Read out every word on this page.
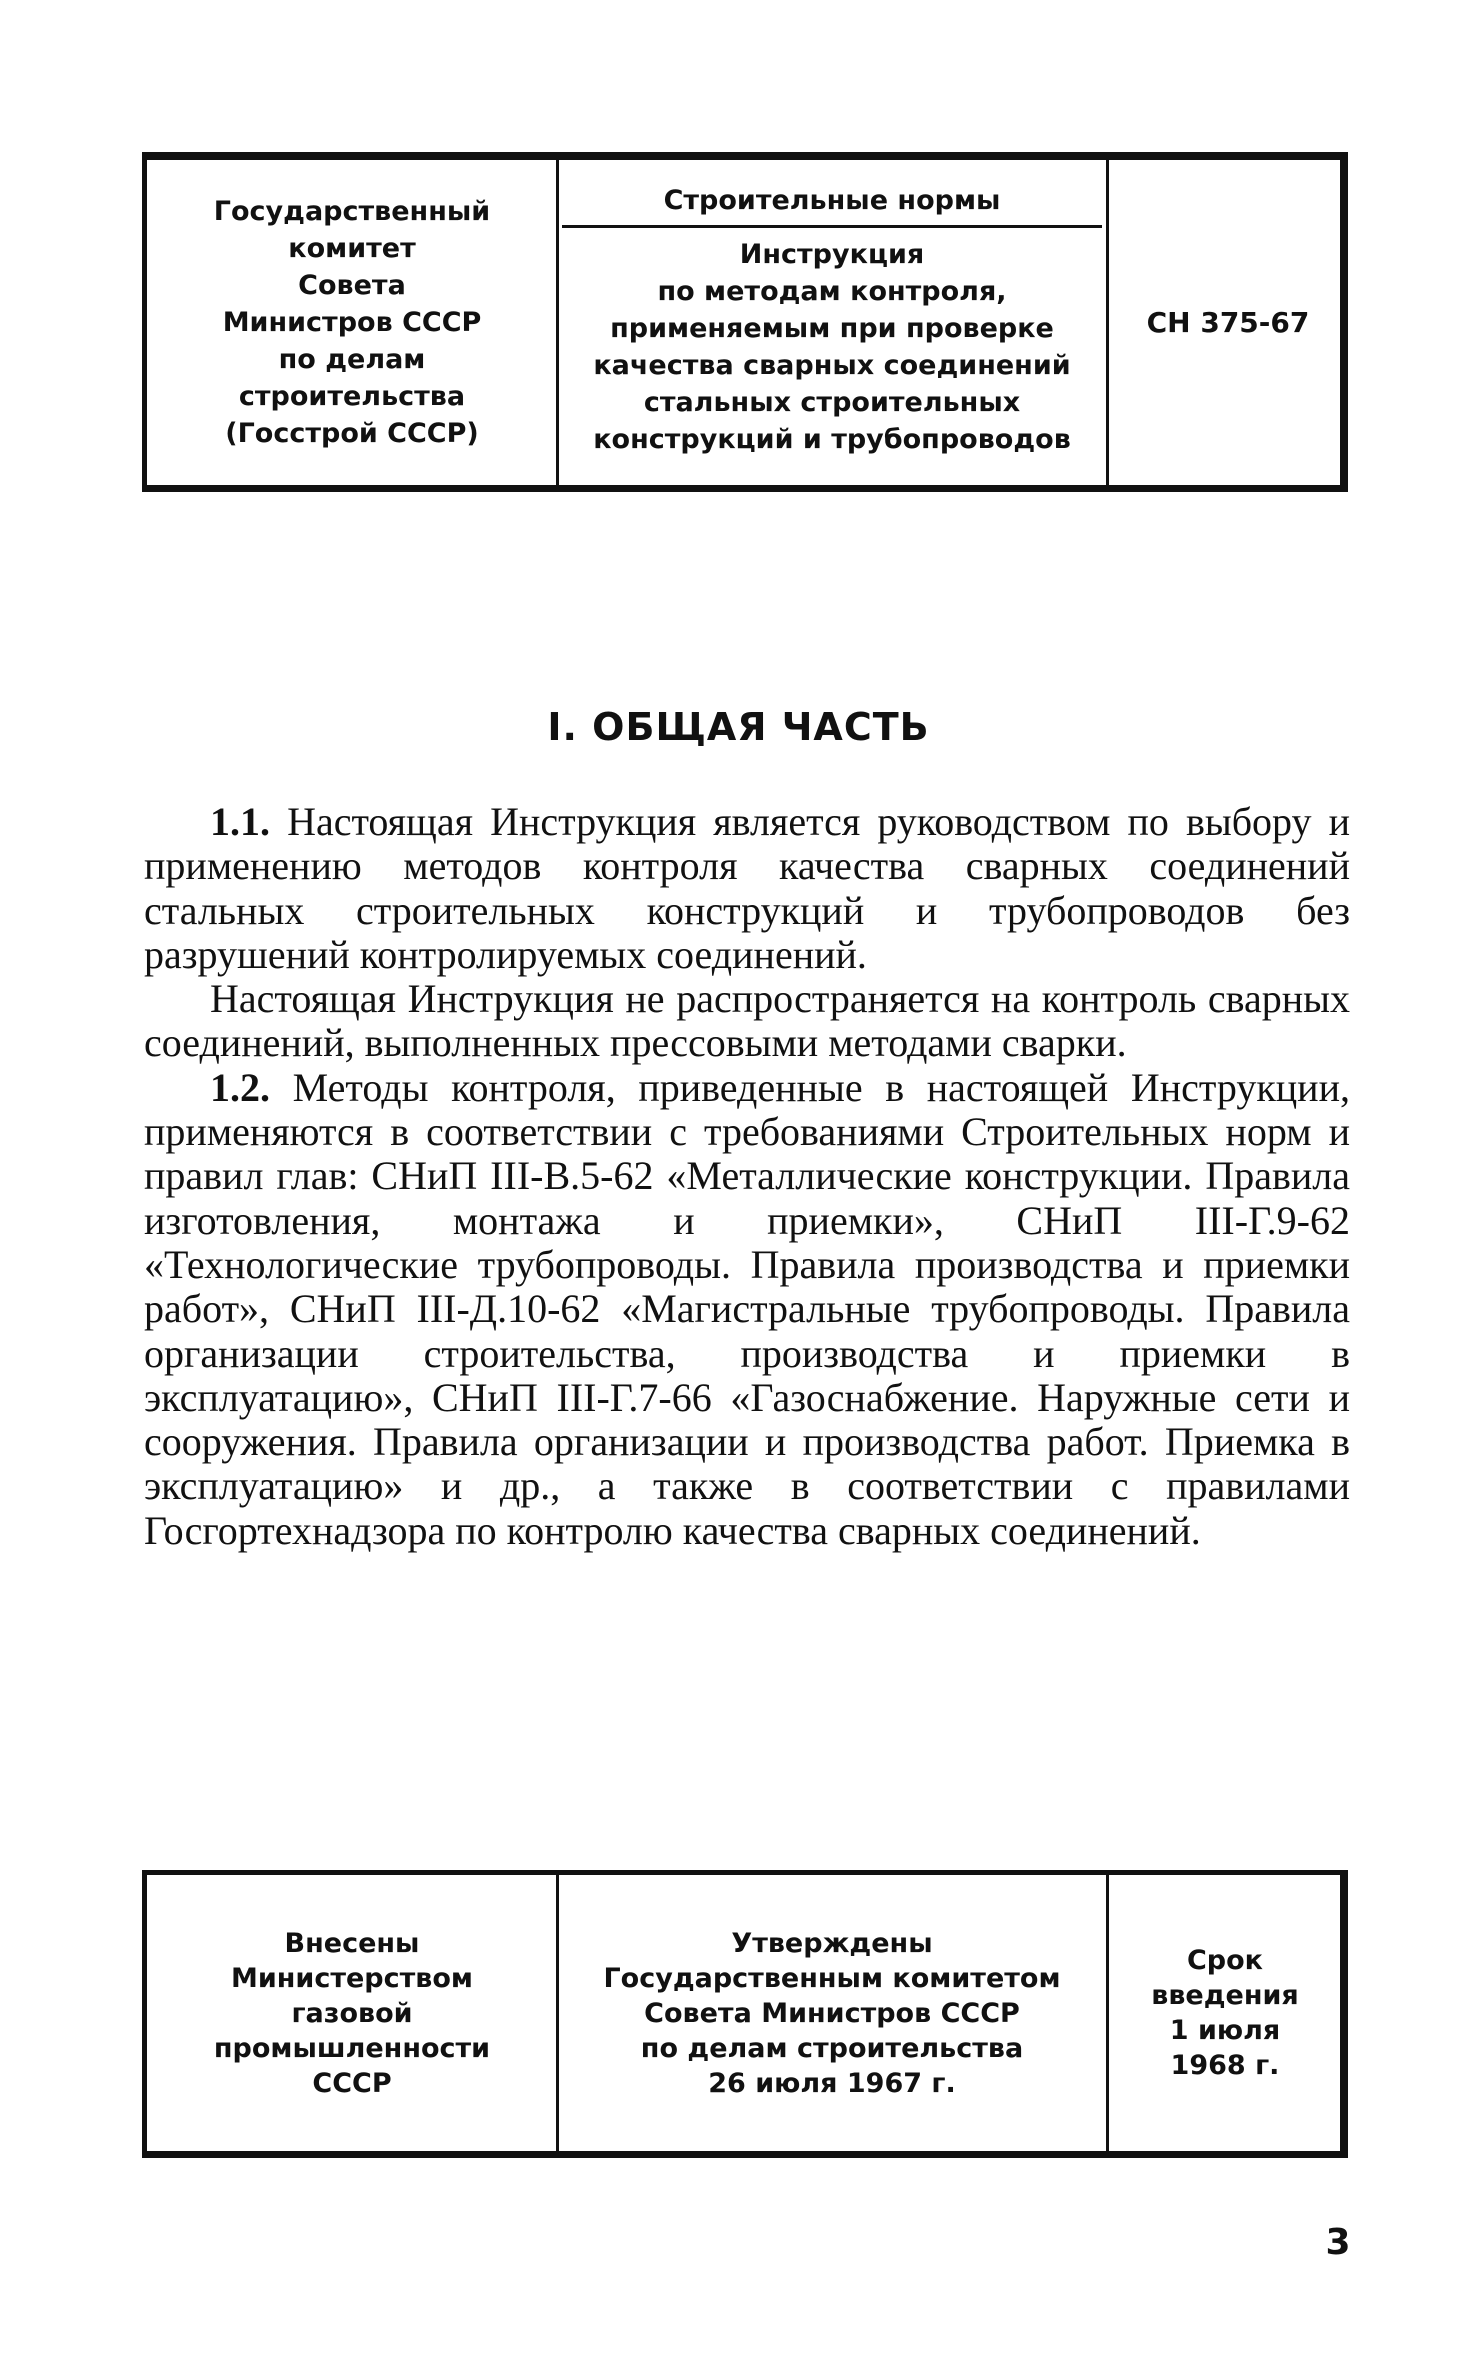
Государственный
комитет
Совета
Министров СССР
по делам
строительства
(Госстрой СССР)
Строительные нормы
Инструкция
по методам контроля,
применяемым при проверке
качества сварных соединений
стальных строительных
конструкций и трубопроводов
СН 375-67
I. ОБЩАЯ ЧАСТЬ

1.1. Настоящая Инструкция является руководством по выбору и применению методов контроля качества сварных соединений стальных строительных конструкций и трубопроводов без разрушений контролируемых соединений.

Настоящая Инструкция не распространяется на контроль сварных соединений, выполненных прессовыми методами сварки.

1.2. Методы контроля, приведенные в настоящей Инструкции, применяются в соответствии с требованиями Строительных норм и правил глав: СНиП III-В.5-62 «Металлические конструкции. Правила изготовления, монтажа и приемки», СНиП III-Г.9-62 «Технологические трубопроводы. Правила производства и приемки работ», СНиП III-Д.10-62 «Магистральные трубопроводы. Правила организации строительства, производства и приемки в эксплуатацию», СНиП III-Г.7-66 «Газоснабжение. Наружные сети и сооружения. Правила организации и производства работ. Приемка в эксплуатацию» и др., а также в соответствии с правилами Госгортехнадзора по контролю качества сварных соединений.

Внесены
Министерством
газовой
промышленности
СССР
Утверждены
Государственным комитетом
Совета Министров СССР
по делам строительства
26 июля 1967 г.
Срок
введения
1 июля
1968 г.
3
